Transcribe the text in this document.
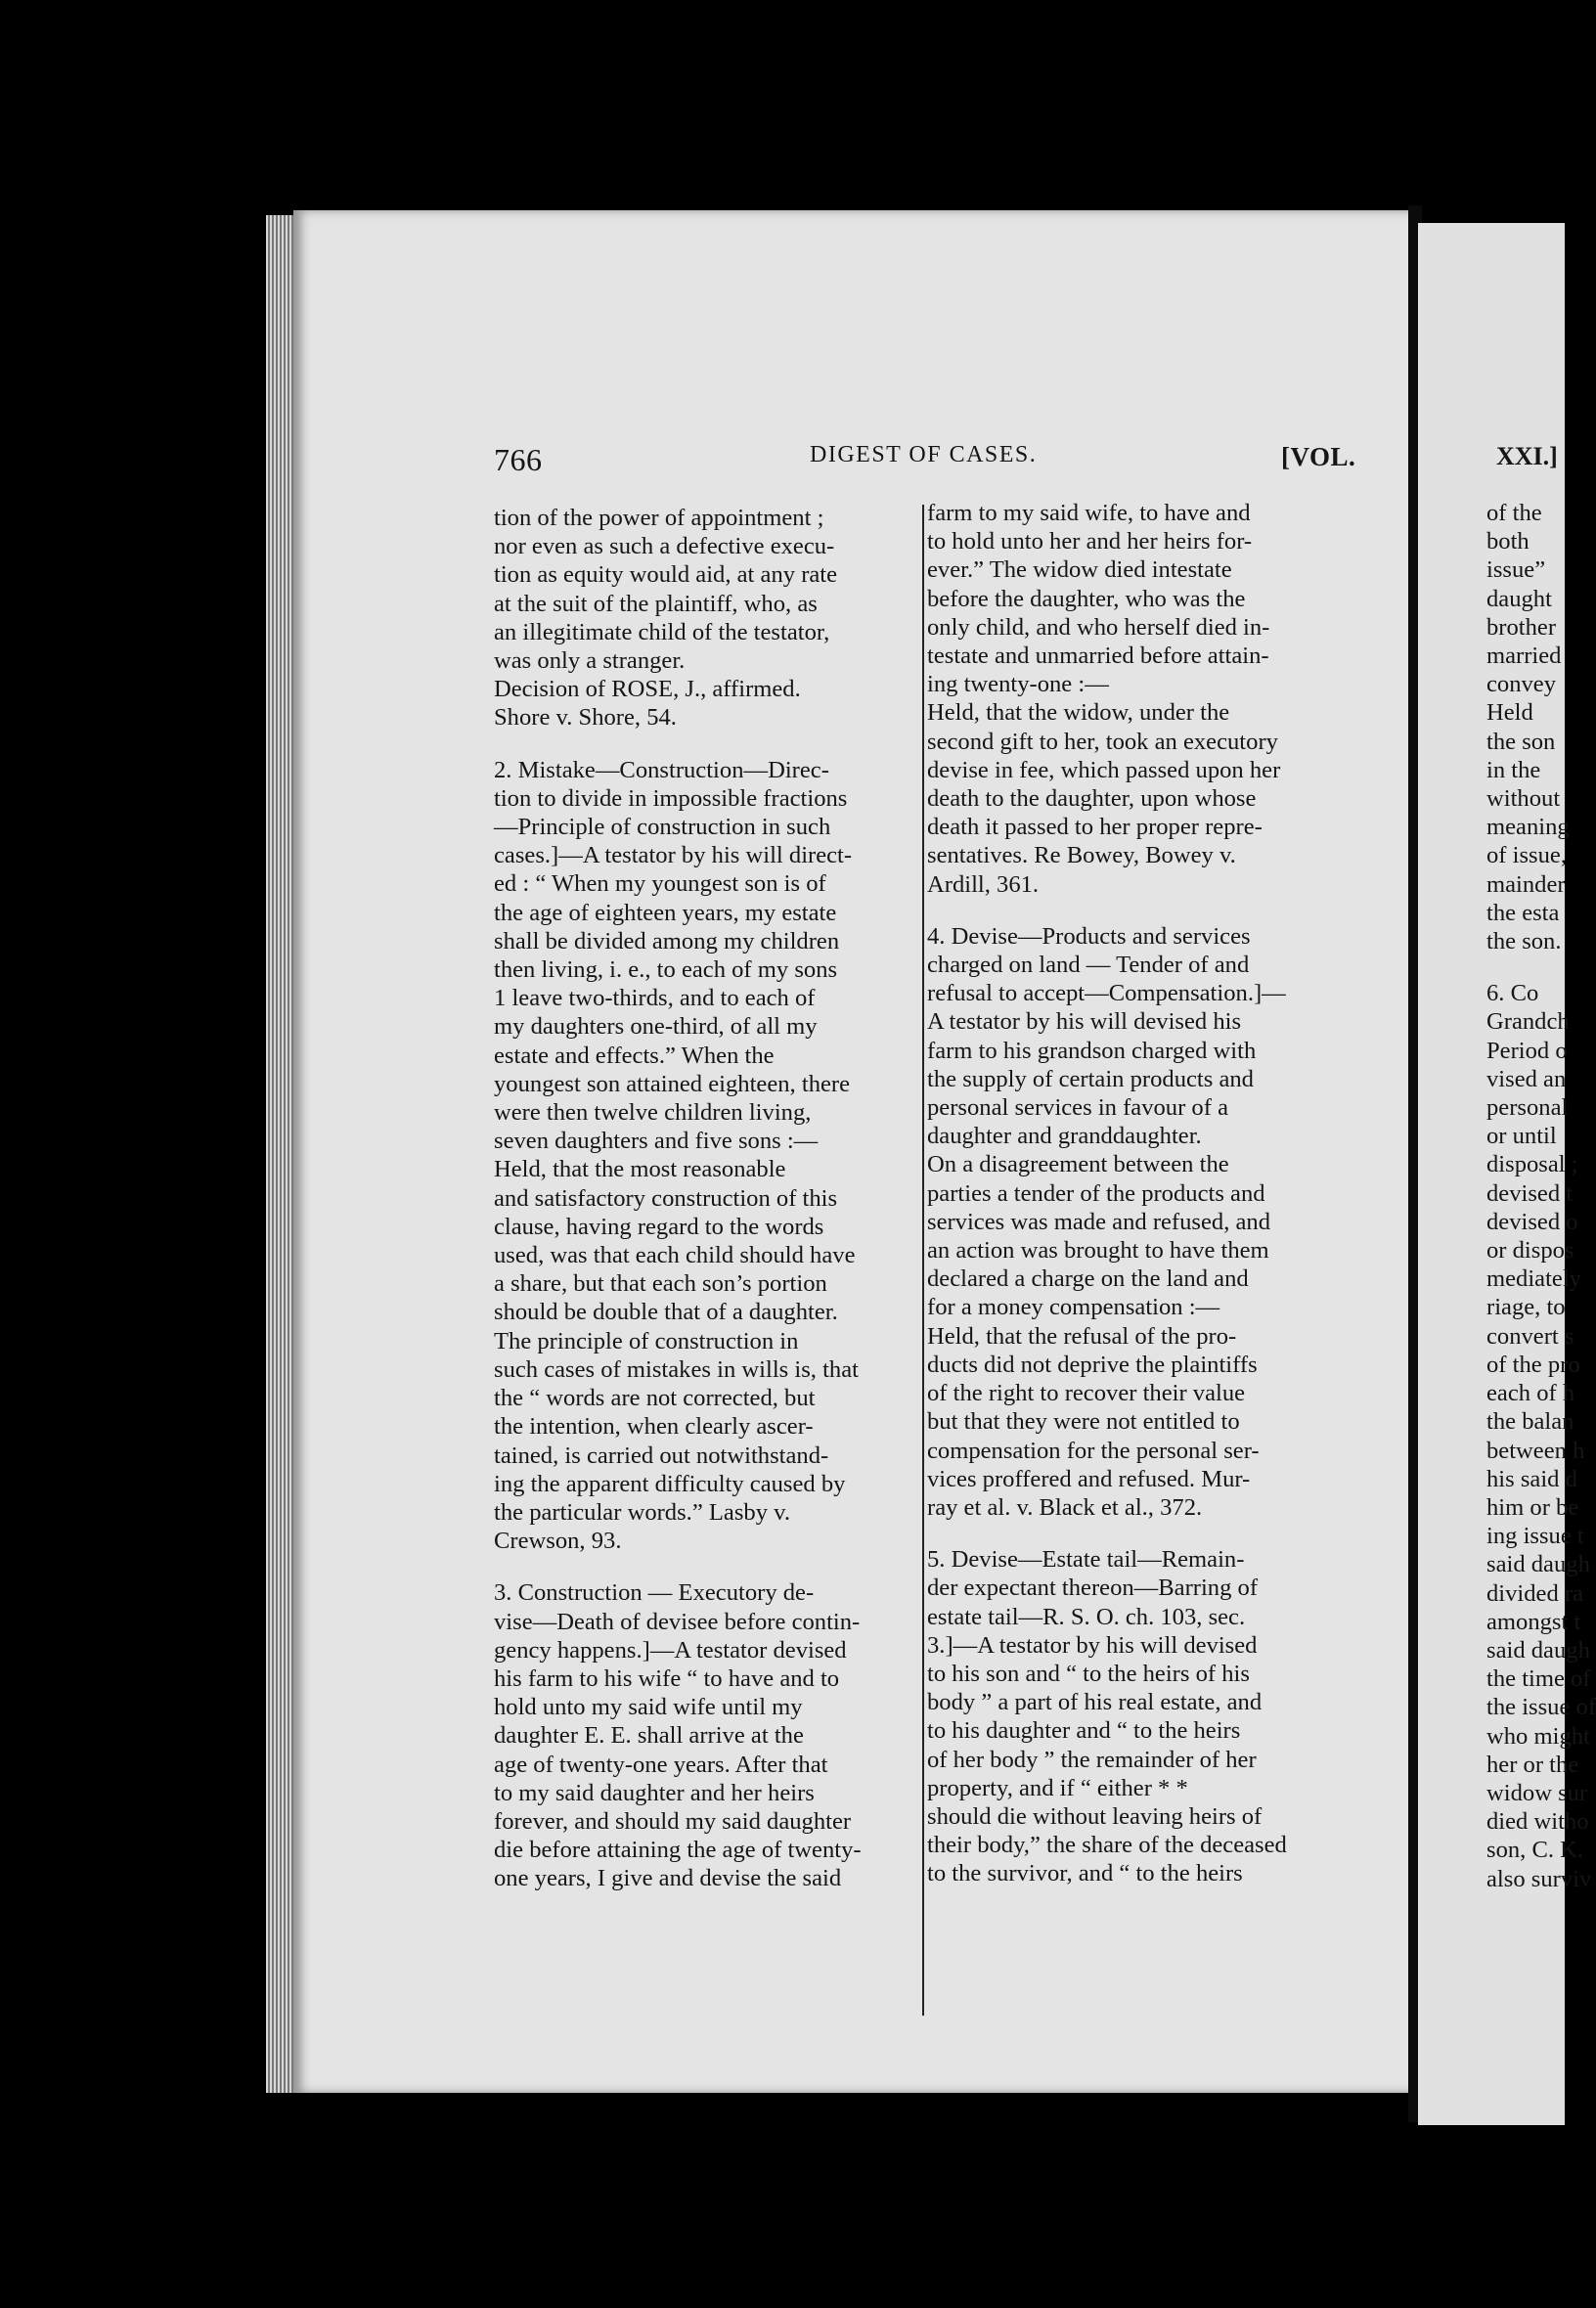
766	DIGEST OF CASES.	[VOL.	XXI.]
tion of the power of appointment ;
nor even as such a defective execu-
tion as equity would aid, at any rate
at the suit of the plaintiff, who, as
an illegitimate child of the testator,
was only a stranger.
Decision of ROSE, J., affirmed.
Shore v. Shore, 54.
2. Mistake—Construction—Direc-
tion to divide in impossible fractions
—Principle of construction in such
cases.]—A testator by his will direct-
ed : “ When my youngest son is of
the age of eighteen years, my estate
shall be divided among my children
then living, i. e., to each of my sons
1 leave two-thirds, and to each of
my daughters one-third, of all my
estate and effects.” When the
youngest son attained eighteen, there
were then twelve children living,
seven daughters and five sons :—
Held, that the most reasonable
and satisfactory construction of this
clause, having regard to the words
used, was that each child should have
a share, but that each son’s portion
should be double that of a daughter.
The principle of construction in
such cases of mistakes in wills is, that
the “ words are not corrected, but
the intention, when clearly ascer-
tained, is carried out notwithstand-
ing the apparent difficulty caused by
the particular words.” Lasby v.
Crewson, 93.
3. Construction — Executory de-
vise—Death of devisee before contin-
gency happens.]—A testator devised
his farm to his wife “ to have and to
hold unto my said wife until my
daughter E. E. shall arrive at the
age of twenty-one years. After that
to my said daughter and her heirs
forever, and should my said daughter
die before attaining the age of twenty-
one years, I give and devise the said
farm to my said wife, to have and
to hold unto her and her heirs for-
ever.” The widow died intestate
before the daughter, who was the
only child, and who herself died in-
testate and unmarried before attain-
ing twenty-one :—
Held, that the widow, under the
second gift to her, took an executory
devise in fee, which passed upon her
death to the daughter, upon whose
death it passed to her proper repre-
sentatives. Re Bowey, Bowey v.
Ardill, 361.
4. Devise—Products and services
charged on land — Tender of and
refusal to accept—Compensation.]—
A testator by his will devised his
farm to his grandson charged with
the supply of certain products and
personal services in favour of a
daughter and granddaughter.
On a disagreement between the
parties a tender of the products and
services was made and refused, and
an action was brought to have them
declared a charge on the land and
for a money compensation :—
Held, that the refusal of the pro-
ducts did not deprive the plaintiffs
of the right to recover their value
but that they were not entitled to
compensation for the personal ser-
vices proffered and refused. Mur-
ray et al. v. Black et al., 372.
5. Devise—Estate tail—Remain-
der expectant thereon—Barring of
estate tail—R. S. O. ch. 103, sec.
3.]—A testator by his will devised
to his son and “ to the heirs of his
body ” a part of his real estate, and
to his daughter and “ to the heirs
of her body ” the remainder of her
property, and if “ either * *
should die without leaving heirs of
their body,” the share of the deceased
to the survivor, and “ to the heirs
of the
both
issue”
daught
brother
married
convey
Held
the son
in the
without
meaning
of issue,
mainder
the esta
the son.
6. Co
Grandch
Period o
vised an
personal
or until
disposal ;
devised t
devised o
or dispos
mediately
riage, to
convert s
of the pro
each of h
the balan
between h
his said d
him or be
ing issue t
said daugh
divided ra
amongst t
said daugh
the time of
the issue of
who might
her or the
widow sur
died witho
son, C. K.
also surviv
